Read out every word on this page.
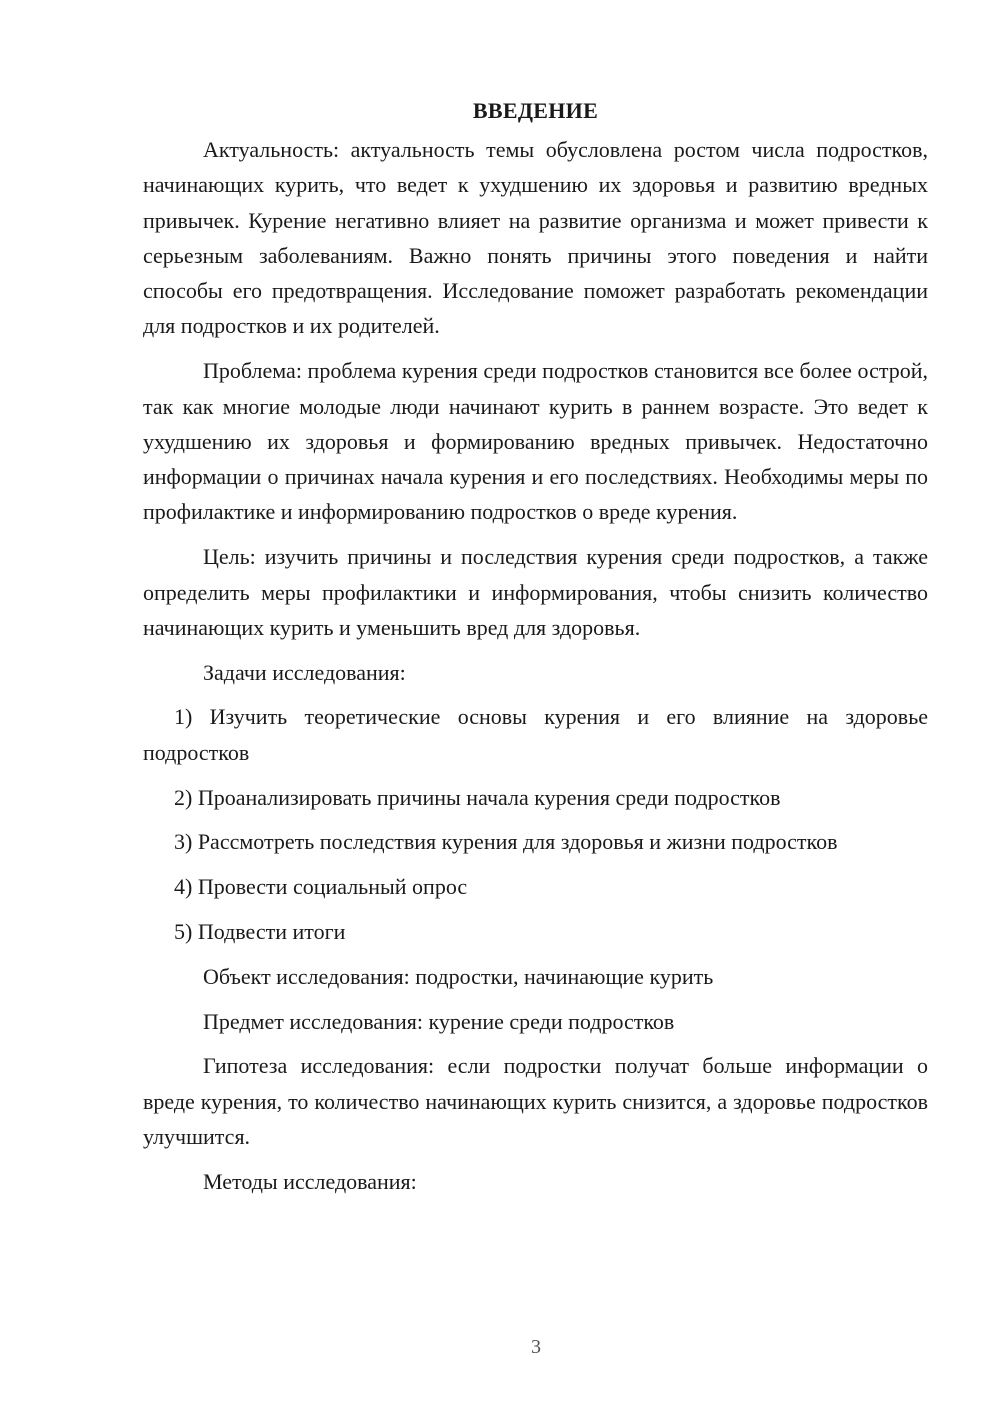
ВВЕДЕНИЕ

Актуальность: актуальность темы обусловлена ростом числа подростков, начинающих курить, что ведет к ухудшению их здоровья и развитию вредных привычек. Курение негативно влияет на развитие организма и может привести к серьезным заболеваниям. Важно понять причины этого поведения и найти способы его предотвращения. Исследование поможет разработать рекомендации для подростков и их родителей.

Проблема: проблема курения среди подростков становится все более острой, так как многие молодые люди начинают курить в раннем возрасте. Это ведет к ухудшению их здоровья и формированию вредных привычек. Недостаточно информации о причинах начала курения и его последствиях. Необходимы меры по профилактике и информированию подростков о вреде курения.

Цель: изучить причины и последствия курения среди подростков, а также определить меры профилактики и информирования, чтобы снизить количество начинающих курить и уменьшить вред для здоровья.

Задачи исследования:

1) Изучить теоретические основы курения и его влияние на здоровье подростков

2) Проанализировать причины начала курения среди подростков

3) Рассмотреть последствия курения для здоровья и жизни подростков

4) Провести социальный опрос

5) Подвести итоги

Объект исследования: подростки, начинающие курить

Предмет исследования: курение среди подростков

Гипотеза исследования: если подростки получат больше информации о вреде курения, то количество начинающих курить снизится, а здоровье подростков улучшится.

Методы исследования:

3
